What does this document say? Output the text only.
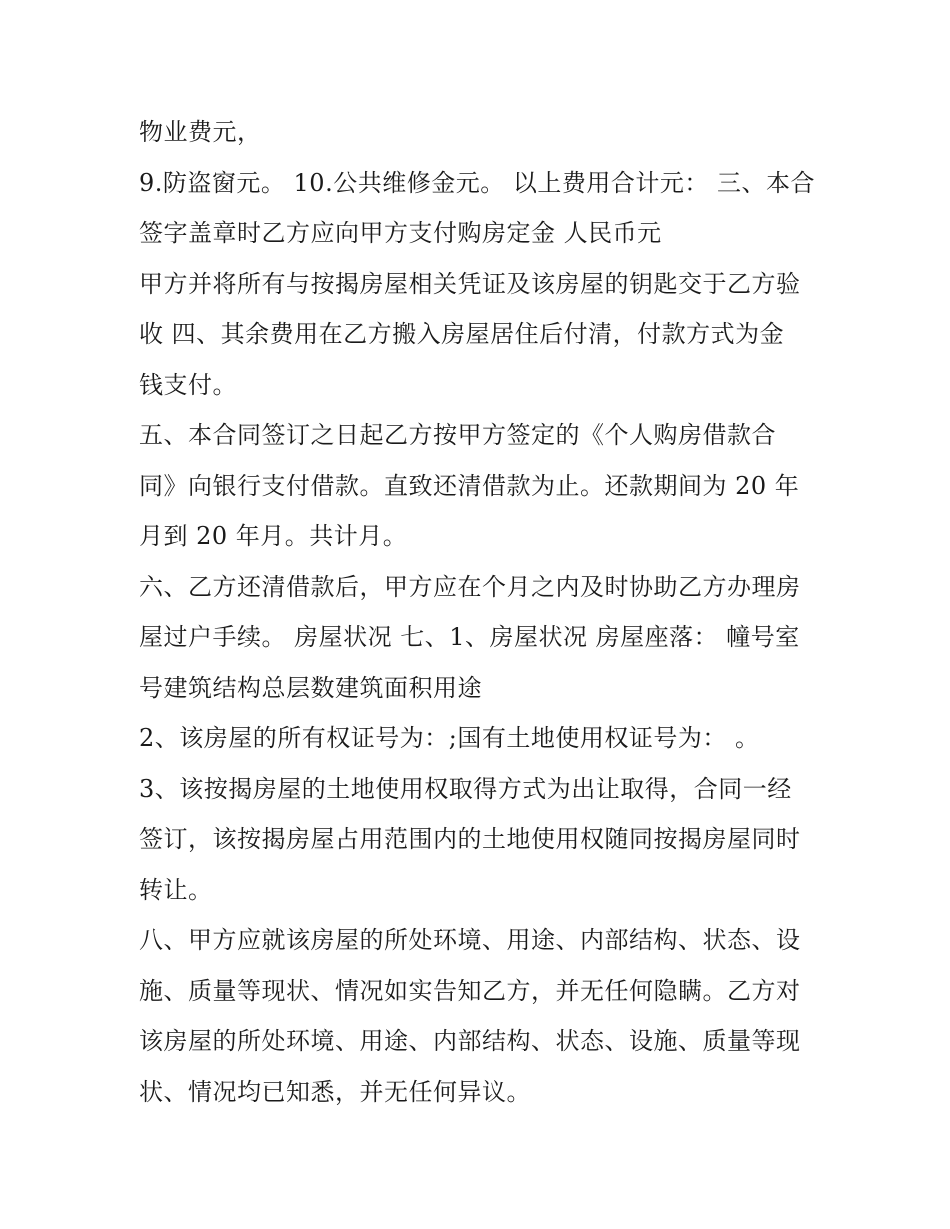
物业费元，
9.防盗窗元。 10.公共维修金元。 以上费用合计元： 三、本合
签字盖章时乙方应向甲方支付购房定金 人民币元
甲方并将所有与按揭房屋相关凭证及该房屋的钥匙交于乙方验
收 四、其余费用在乙方搬入房屋居住后付清，付款方式为金
钱支付。
五、本合同签订之日起乙方按甲方签定的《个人购房借款合
同》向银行支付借款。直致还清借款为止。还款期间为 20 年
月到 20 年月。共计月。
六、乙方还清借款后，甲方应在个月之内及时协助乙方办理房
屋过户手续。 房屋状况 七、1、房屋状况 房屋座落： 幢号室
号建筑结构总层数建筑面积用途
2、该房屋的所有权证号为：;国有土地使用权证号为： 。
3、该按揭房屋的土地使用权取得方式为出让取得，合同一经
签订，该按揭房屋占用范围内的土地使用权随同按揭房屋同时
转让。
八、甲方应就该房屋的所处环境、用途、内部结构、状态、设
施、质量等现状、情况如实告知乙方，并无任何隐瞒。乙方对
该房屋的所处环境、用途、内部结构、状态、设施、质量等现
状、情况均已知悉，并无任何异议。
